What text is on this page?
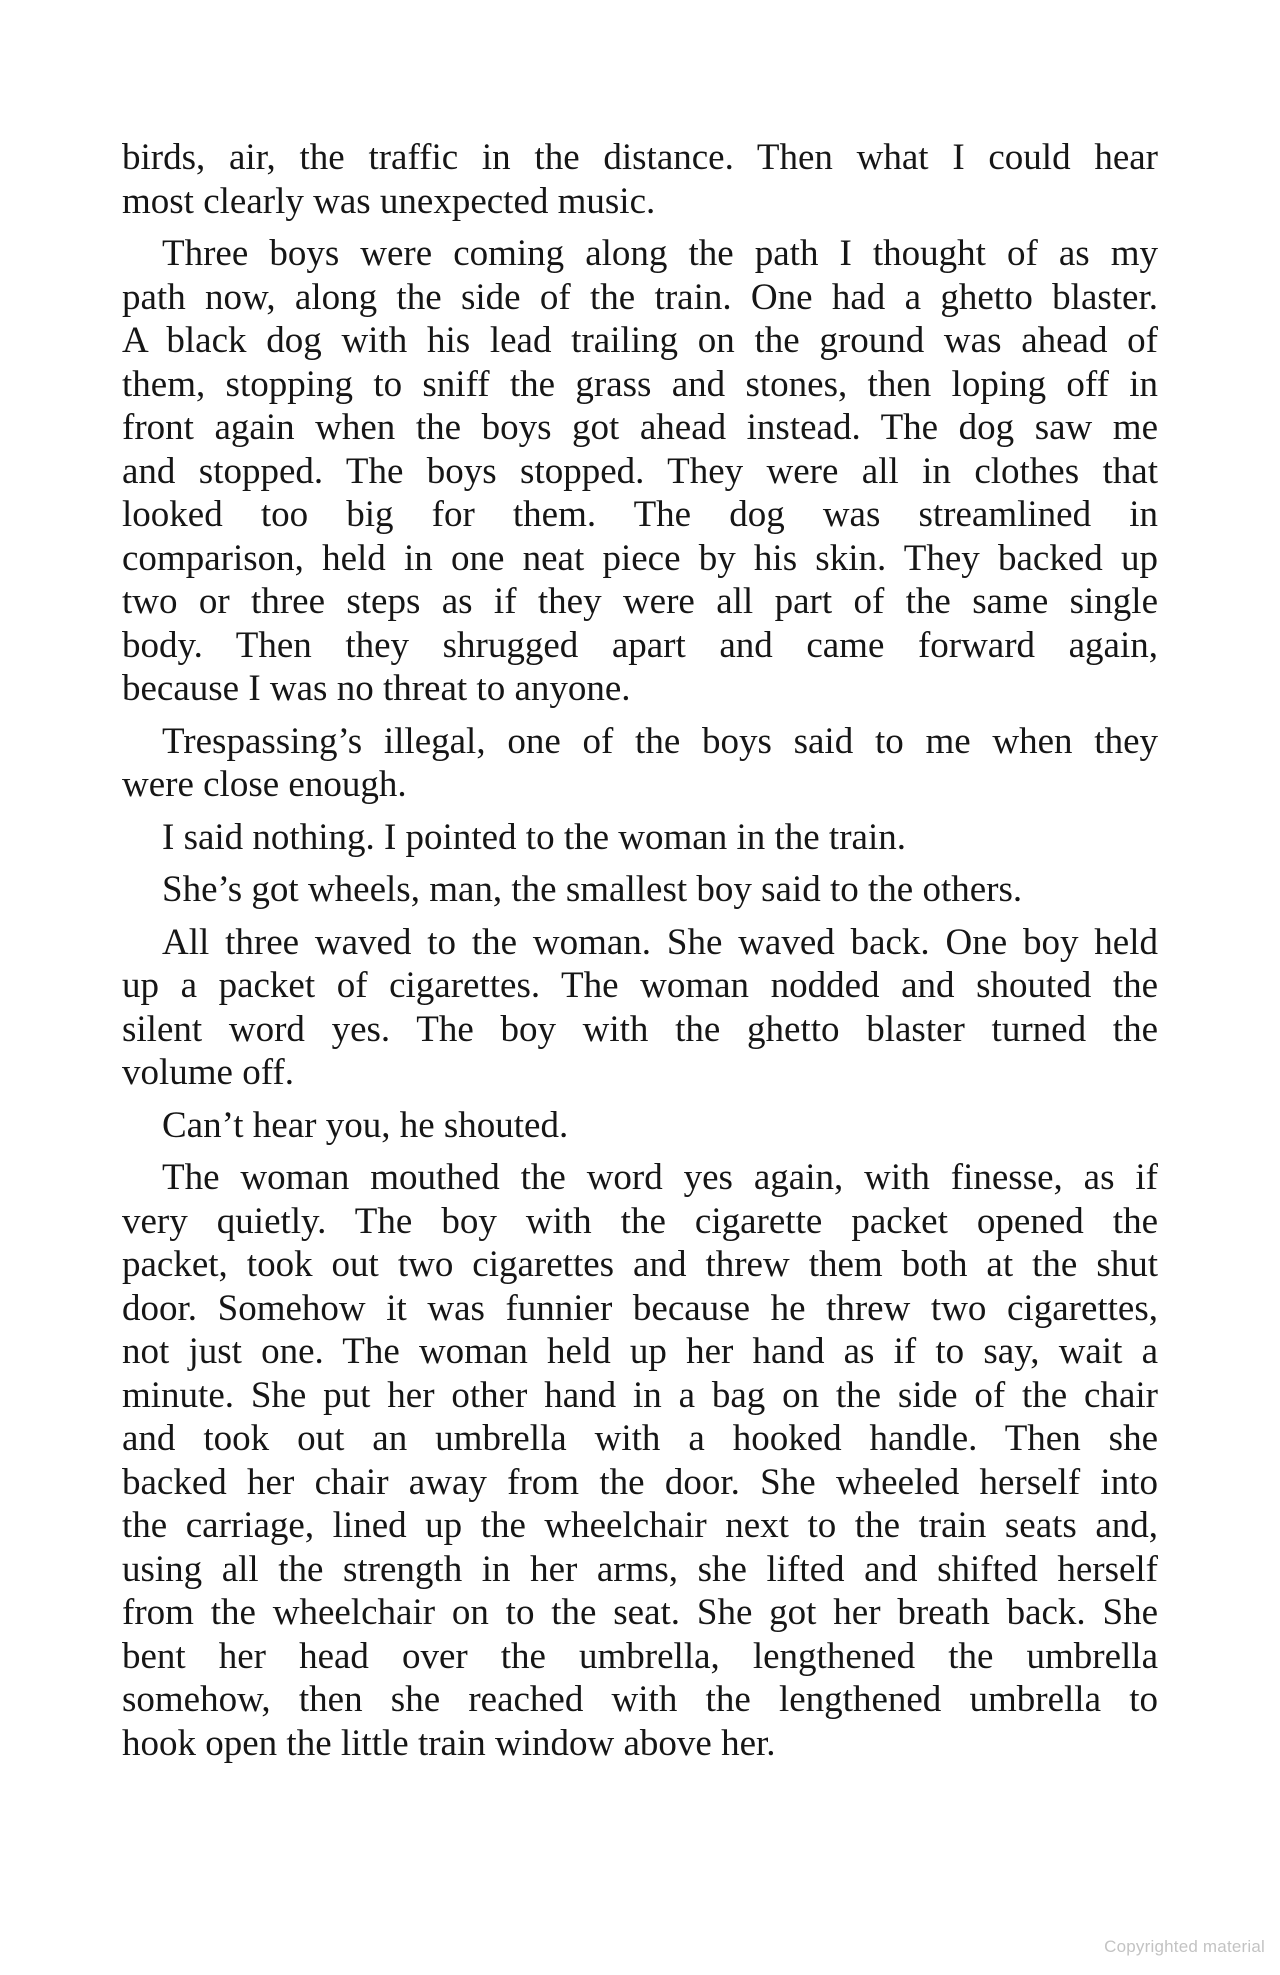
birds, air, the traffic in the distance. Then what I could hear
most clearly was unexpected music.
Three boys were coming along the path I thought of as my
path now, along the side of the train. One had a ghetto blaster.
A black dog with his lead trailing on the ground was ahead of
them, stopping to sniff the grass and stones, then loping off in
front again when the boys got ahead instead. The dog saw me
and stopped. The boys stopped. They were all in clothes that
looked too big for them. The dog was streamlined in
comparison, held in one neat piece by his skin. They backed up
two or three steps as if they were all part of the same single
body. Then they shrugged apart and came forward again,
because I was no threat to anyone.
Trespassing’s illegal, one of the boys said to me when they
were close enough.
I said nothing. I pointed to the woman in the train.
She’s got wheels, man, the smallest boy said to the others.
All three waved to the woman. She waved back. One boy held
up a packet of cigarettes. The woman nodded and shouted the
silent word yes. The boy with the ghetto blaster turned the
volume off.
Can’t hear you, he shouted.
The woman mouthed the word yes again, with finesse, as if
very quietly. The boy with the cigarette packet opened the
packet, took out two cigarettes and threw them both at the shut
door. Somehow it was funnier because he threw two cigarettes,
not just one. The woman held up her hand as if to say, wait a
minute. She put her other hand in a bag on the side of the chair
and took out an umbrella with a hooked handle. Then she
backed her chair away from the door. She wheeled herself into
the carriage, lined up the wheelchair next to the train seats and,
using all the strength in her arms, she lifted and shifted herself
from the wheelchair on to the seat. She got her breath back. She
bent her head over the umbrella, lengthened the umbrella
somehow, then she reached with the lengthened umbrella to
hook open the little train window above her.
Copyrighted material
